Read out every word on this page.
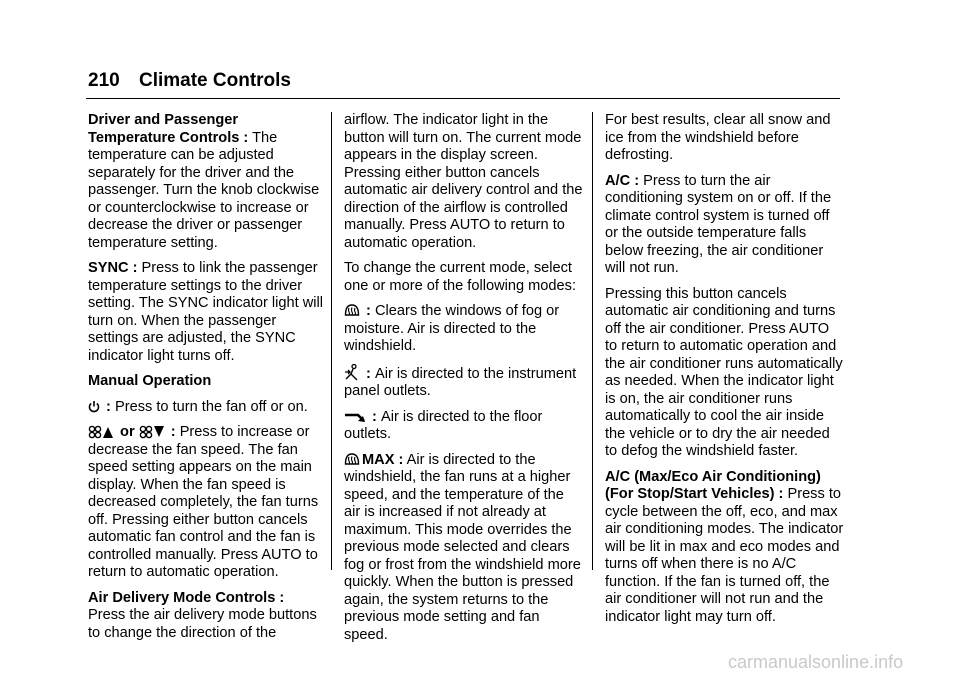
210 Climate Controls

Driver and Passenger Temperature Controls : The temperature can be adjusted separately for the driver and the passenger. Turn the knob clockwise or counterclockwise to increase or decrease the driver or passenger temperature setting.

SYNC : Press to link the passenger temperature settings to the driver setting. The SYNC indicator light will turn on. When the passenger settings are adjusted, the SYNC indicator light turns off.

Manual Operation

: Press to turn the fan off or on.

or
: Press to increase or decrease the fan speed. The fan speed setting appears on the main display. When the fan speed is decreased completely, the fan turns off. Pressing either button cancels automatic fan control and the fan is controlled manually. Press AUTO to return to automatic operation.

Air Delivery Mode Controls :
Press the air delivery mode buttons to change the direction of the

airflow. The indicator light in the button will turn on. The current mode appears in the display screen. Pressing either button cancels automatic air delivery control and the direction of the airflow is controlled manually. Press AUTO to return to automatic operation.

To change the current mode, select one or more of the following modes:

: Clears the windows of fog or moisture. Air is directed to the windshield.

: Air is directed to the instrument panel outlets.

: Air is directed to the floor outlets.

MAX : Air is directed to the windshield, the fan runs at a higher speed, and the temperature of the air is increased if not already at maximum. This mode overrides the previous mode selected and clears fog or frost from the windshield more quickly. When the button is pressed again, the system returns to the previous mode setting and fan speed.

For best results, clear all snow and ice from the windshield before defrosting.

A/C : Press to turn the air conditioning system on or off. If the climate control system is turned off or the outside temperature falls below freezing, the air conditioner will not run.

Pressing this button cancels automatic air conditioning and turns off the air conditioner. Press AUTO to return to automatic operation and the air conditioner runs automatically as needed. When the indicator light is on, the air conditioner runs automatically to cool the air inside the vehicle or to dry the air needed to defog the windshield faster.

A/C (Max/Eco Air Conditioning) (For Stop/Start Vehicles) : Press to cycle between the off, eco, and max air conditioning modes. The indicator will be lit in max and eco modes and turns off when there is no A/C function. If the fan is turned off, the air conditioner will not run and the indicator light may turn off.

carmanualsonline.info
